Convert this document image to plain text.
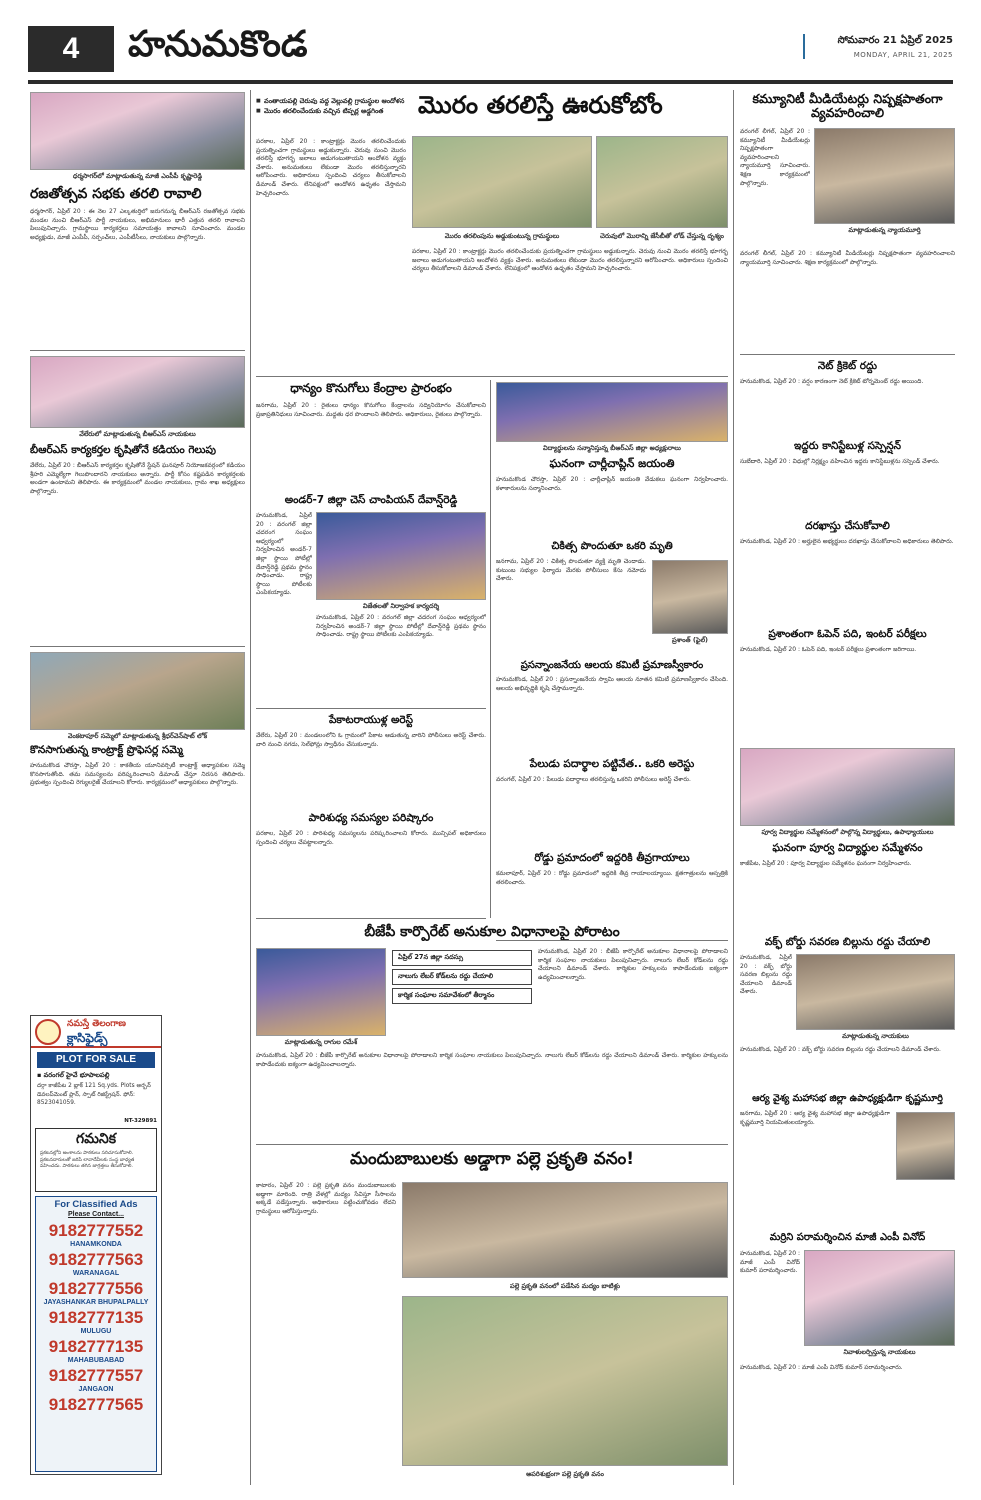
4	హనుమకొండ	సోమవారం 21 ఏప్రిల్ 2025
MONDAY, APRIL 21, 2025
ధర్మసాగర్‌లో మాట్లాడుతున్న మాజీ ఎంపీపీ కృష్ణారెడ్డి
రజతోత్సవ సభకు తరలి రావాలి
ధర్మసాగర్, ఏప్రిల్ 20 : ఈ నెల 27 ఎల్కతుర్తిలో జరుగనున్న బీఆర్ఎస్ రజతోత్సవ సభకు మండల నుంచి బీఆర్ఎస్ పార్టీ నాయకులు, అభిమానులు భారీ ఎత్తున తరలి రావాలని పిలుపునిచ్చారు. గ్రామస్థాయి కార్యకర్తలు సమాయత్తం కావాలని సూచించారు. మండల అధ్యక్షుడు, మాజీ ఎంపీపీ, సర్పంచ్‌లు, ఎంపీటీసీలు, నాయకులు పాల్గొన్నారు.
వేలేరులో మాట్లాడుతున్న బీఆర్ఎస్ నాయకులు
బీఆర్ఎస్ కార్యకర్తల కృషితోనే కడియం గెలుపు
వేలేరు, ఏప్రిల్ 20 : బీఆర్ఎస్ కార్యకర్తల కృషితోనే స్టేషన్ ఘనపూర్ నియోజకవర్గంలో కడియం శ్రీహరి ఎమ్మెల్యేగా గెలుపొందారని నాయకులు అన్నారు. పార్టీ కోసం కష్టపడిన కార్యకర్తలకు అండగా ఉంటామని తెలిపారు. ఈ కార్యక్రమంలో మండల నాయకులు, గ్రామ శాఖ అధ్యక్షులు పాల్గొన్నారు.
వెంకటాపూర్ సమ్మెలో మాట్లాడుతున్న శ్రీధర్‌వెన్‌షాట్ లోక్
కొనసాగుతున్న కాంట్రాక్ట్ ప్రొఫెసర్ల సమ్మె
హనుమకొండ చౌరస్తా, ఏప్రిల్ 20 : కాకతీయ యూనివర్సిటీ కాంట్రాక్ట్ అధ్యాపకుల సమ్మె కొనసాగుతోంది. తమ సమస్యలను పరిష్కరించాలని డిమాండ్ చేస్తూ నిరసన తెలిపారు. ప్రభుత్వం స్పందించి రెగ్యులరైజ్ చేయాలని కోరారు. కార్యక్రమంలో అధ్యాపకులు పాల్గొన్నారు.
నమస్తే తెలంగాణ
క్లాసిఫైడ్స్
PLOT FOR SALE
▪ వరంగల్ హైవే భూపాలపల్లి
దర్గా కాజీపేట 2 బ్లాక్ 121 Sq.yds. Plots అర్బన్ డెవలప్‌మెంట్ ప్లాన్, స్పాట్ రిజిస్ట్రేషన్. ఫోన్: 8523041059.
NT-329891
గమనిక
ప్రకటనల్లోని అంశాలను పాఠకులు సరిచూసుకోవాలి. ప్రకటనదారులతో జరిపే లావాదేవీలకు సంస్థ బాధ్యత వహించదు. పాఠకులు తగిన జాగ్రత్తలు తీసుకోవాలి.
For Classified Ads
Please Contact...
9182777552
HANAMKONDA
9182777563
WARANAGAL
9182777556
JAYASHANKAR BHUPALPALLY
9182777135
MULUGU
9182777135
MAHABUBABAD
9182777557
JANGAON
9182777565
■ వంతాయపల్లి చెరువు వద్ద వెల్లువల్లి గ్రామస్థుల ఆందోళన
■ మొరం తరలించేందుకు వచ్చిన టిప్పర్ల అడ్డగింత	మొరం తరలిస్తే ఊరుకోబోం
పరకాల, ఏప్రిల్ 20 : కాంట్రాక్టర్లు మొరం తరలించేందుకు ప్రయత్నించగా గ్రామస్థులు అడ్డుకున్నారు. చెరువు నుంచి మొరం తరలిస్తే భూగర్భ జలాలు అడుగంటుతాయని ఆందోళన వ్యక్తం చేశారు. అనుమతులు లేకుండా మొరం తరలిస్తున్నారని ఆరోపించారు. అధికారులు స్పందించి చర్యలు తీసుకోవాలని డిమాండ్ చేశారు. లేనిపక్షంలో ఆందోళన ఉధృతం చేస్తామని హెచ్చరించారు.
మొరం తరలింపును అడ్డుకుంటున్న గ్రామస్థులు	చెరువులో మొరాన్ని జేసీబీతో లోడ్ చేస్తున్న దృశ్యం
పరకాల, ఏప్రిల్ 20 : కాంట్రాక్టర్లు మొరం తరలించేందుకు ప్రయత్నించగా గ్రామస్థులు అడ్డుకున్నారు. చెరువు నుంచి మొరం తరలిస్తే భూగర్భ జలాలు అడుగంటుతాయని ఆందోళన వ్యక్తం చేశారు. అనుమతులు లేకుండా మొరం తరలిస్తున్నారని ఆరోపించారు. అధికారులు స్పందించి చర్యలు తీసుకోవాలని డిమాండ్ చేశారు. లేనిపక్షంలో ఆందోళన ఉధృతం చేస్తామని హెచ్చరించారు.
ధాన్యం కొనుగోలు కేంద్రాల ప్రారంభం
జనగామ, ఏప్రిల్ 20 : రైతులు ధాన్యం కొనుగోలు కేంద్రాలను సద్వినియోగం చేసుకోవాలని ప్రజాప్రతినిధులు సూచించారు. మద్దతు ధర పొందాలని తెలిపారు. అధికారులు, రైతులు పాల్గొన్నారు.
అండర్-7 జిల్లా చెస్ చాంపియన్ దేవాన్ష్‌రెడ్డి
హనుమకొండ, ఏప్రిల్ 20 : వరంగల్ జిల్లా చదరంగ సంఘం ఆధ్వర్యంలో నిర్వహించిన అండర్-7 జిల్లా స్థాయి పోటీల్లో దేవాన్ష్‌రెడ్డి ప్రథమ స్థానం సాధించాడు. రాష్ట్ర స్థాయి పోటీలకు ఎంపికయ్యాడు.
విజేతలతో నిర్వాహక కార్యదర్శి
హనుమకొండ, ఏప్రిల్ 20 : వరంగల్ జిల్లా చదరంగ సంఘం ఆధ్వర్యంలో నిర్వహించిన అండర్-7 జిల్లా స్థాయి పోటీల్లో దేవాన్ష్‌రెడ్డి ప్రథమ స్థానం సాధించాడు. రాష్ట్ర స్థాయి పోటీలకు ఎంపికయ్యాడు.
పేకాటరాయుళ్ల అరెస్ట్
వేలేరు, ఏప్రిల్ 20 : మండలంలోని ఓ గ్రామంలో పేకాట ఆడుతున్న వారిని పోలీసులు అరెస్ట్ చేశారు. వారి నుంచి నగదు, సెల్‌ఫోన్లు స్వాధీనం చేసుకున్నారు.
పారిశుధ్య సమస్యల పరిష్కారం
పరకాల, ఏప్రిల్ 20 : పారిశుధ్య సమస్యలను పరిష్కరించాలని కోరారు. మున్సిపల్ అధికారులు స్పందించి చర్యలు చేపట్టాలన్నారు.
బీజేపీ కార్పొరేట్ అనుకూల విధానాలపై పోరాటం
మాట్లాడుతున్న రాగుల రమేశ్
ఏప్రిల్ 27న జిల్లా సదస్సు
నాలుగు లేబర్ కోడ్‌లను రద్దు చేయాలి
కార్మిక సంఘాల సమావేశంలో తీర్మానం
హనుమకొండ, ఏప్రిల్ 20 : బీజేపీ కార్పొరేట్ అనుకూల విధానాలపై పోరాడాలని కార్మిక సంఘాల నాయకులు పిలుపునిచ్చారు. నాలుగు లేబర్ కోడ్‌లను రద్దు చేయాలని డిమాండ్ చేశారు. కార్మికుల హక్కులను కాపాడేందుకు ఐక్యంగా ఉద్యమించాలన్నారు.
హనుమకొండ, ఏప్రిల్ 20 : బీజేపీ కార్పొరేట్ అనుకూల విధానాలపై పోరాడాలని కార్మిక సంఘాల నాయకులు పిలుపునిచ్చారు. నాలుగు లేబర్ కోడ్‌లను రద్దు చేయాలని డిమాండ్ చేశారు. కార్మికుల హక్కులను కాపాడేందుకు ఐక్యంగా ఉద్యమించాలన్నారు.
మందుబాబులకు అడ్డాగా పల్లె ప్రకృతి వనం!
కాటారం, ఏప్రిల్ 20 : పల్లె ప్రకృతి వనం మందుబాబులకు అడ్డాగా మారింది. రాత్రి వేళల్లో మద్యం సేవిస్తూ సీసాలను అక్కడే పడేస్తున్నారు. అధికారులు పట్టించుకోవడం లేదని గ్రామస్థులు ఆరోపిస్తున్నారు.
పల్లె ప్రకృతి వనంలో పడేసిన మద్యం బాటిళ్లు
అపరిశుభ్రంగా పల్లె ప్రకృతి వనం
విద్యార్థులను సన్మానిస్తున్న బీఆర్ఎస్ జిల్లా అధ్యక్షురాలు
ఘనంగా చార్లీచాప్లిన్ జయంతి
హనుమకొండ చౌరస్తా, ఏప్రిల్ 20 : చార్లీచాప్లిన్ జయంతి వేడుకలు ఘనంగా నిర్వహించారు. కళాకారులను సన్మానించారు.
చికిత్స పొందుతూ ఒకరి మృతి
జనగామ, ఏప్రిల్ 20 : చికిత్స పొందుతూ వ్యక్తి మృతి చెందాడు. కుటుంబ సభ్యుల ఫిర్యాదు మేరకు పోలీసులు కేసు నమోదు చేశారు.
ప్రశాంత్ (ఫైల్)
ప్రసన్నాంజనేయ ఆలయ కమిటీ ప్రమాణస్వీకారం
హనుమకొండ, ఏప్రిల్ 20 : ప్రసన్నాంజనేయ స్వామి ఆలయ నూతన కమిటీ ప్రమాణస్వీకారం చేసింది. ఆలయ అభివృద్ధికి కృషి చేస్తామన్నారు.
పేలుడు పదార్థాల పట్టివేత.. ఒకరి అరెస్టు
వరంగల్, ఏప్రిల్ 20 : పేలుడు పదార్థాలు తరలిస్తున్న ఒకరిని పోలీసులు అరెస్ట్ చేశారు.
రోడ్డు ప్రమాదంలో ఇద్దరికి తీవ్రగాయాలు
కమలాపూర్, ఏప్రిల్ 20 : రోడ్డు ప్రమాదంలో ఇద్దరికి తీవ్ర గాయాలయ్యాయి. క్షతగాత్రులను ఆస్పత్రికి తరలించారు.
కమ్యూనిటీ మీడియేటర్లు నిష్పక్షపాతంగా వ్యవహరించాలి
వరంగల్ లీగల్, ఏప్రిల్ 20 : కమ్యూనిటీ మీడియేటర్లు నిష్పక్షపాతంగా వ్యవహరించాలని న్యాయమూర్తి సూచించారు. శిక్షణ కార్యక్రమంలో పాల్గొన్నారు.
మాట్లాడుతున్న న్యాయమూర్తి
వరంగల్ లీగల్, ఏప్రిల్ 20 : కమ్యూనిటీ మీడియేటర్లు నిష్పక్షపాతంగా వ్యవహరించాలని న్యాయమూర్తి సూచించారు. శిక్షణ కార్యక్రమంలో పాల్గొన్నారు.
నెట్ క్రికెట్ రద్దు
హనుమకొండ, ఏప్రిల్ 20 : వర్షం కారణంగా నెట్ క్రికెట్ టోర్నమెంట్ రద్దు అయింది.
ఇద్దరు కానిస్టేబుళ్ల సస్పెన్షన్
సుబేదారి, ఏప్రిల్ 20 : విధుల్లో నిర్లక్ష్యం వహించిన ఇద్దరు కానిస్టేబుళ్లను సస్పెండ్ చేశారు.
దరఖాస్తు చేసుకోవాలి
హనుమకొండ, ఏప్రిల్ 20 : అర్హులైన అభ్యర్థులు దరఖాస్తు చేసుకోవాలని అధికారులు తెలిపారు.
ప్రశాంతంగా ఓపెన్ పది, ఇంటర్ పరీక్షలు
హనుమకొండ, ఏప్రిల్ 20 : ఓపెన్ పది, ఇంటర్ పరీక్షలు ప్రశాంతంగా జరిగాయి.
పూర్వ విద్యార్థుల సమ్మేళనంలో పాల్గొన్న విద్యార్థులు, ఉపాధ్యాయులు
ఘనంగా పూర్వ విద్యార్థుల సమ్మేళనం
కాజీపేట, ఏప్రిల్ 20 : పూర్వ విద్యార్థుల సమ్మేళనం ఘనంగా నిర్వహించారు.
వక్ఫ్ బోర్డు సవరణ బిల్లును రద్దు చేయాలి
హనుమకొండ, ఏప్రిల్ 20 : వక్ఫ్ బోర్డు సవరణ బిల్లును రద్దు చేయాలని డిమాండ్ చేశారు.
మాట్లాడుతున్న నాయకులు
హనుమకొండ, ఏప్రిల్ 20 : వక్ఫ్ బోర్డు సవరణ బిల్లును రద్దు చేయాలని డిమాండ్ చేశారు.
ఆర్య వైశ్య మహాసభ జిల్లా ఉపాధ్యక్షుడిగా కృష్ణమూర్తి
జనగామ, ఏప్రిల్ 20 : ఆర్య వైశ్య మహాసభ జిల్లా ఉపాధ్యక్షుడిగా కృష్ణమూర్తి నియమితులయ్యారు.
మర్రిని పరామర్శించిన మాజీ ఎంపీ వినోద్
హనుమకొండ, ఏప్రిల్ 20 : మాజీ ఎంపీ వినోద్ కుమార్ పరామర్శించారు.
నివాళులర్పిస్తున్న నాయకులు
హనుమకొండ, ఏప్రిల్ 20 : మాజీ ఎంపీ వినోద్ కుమార్ పరామర్శించారు.
